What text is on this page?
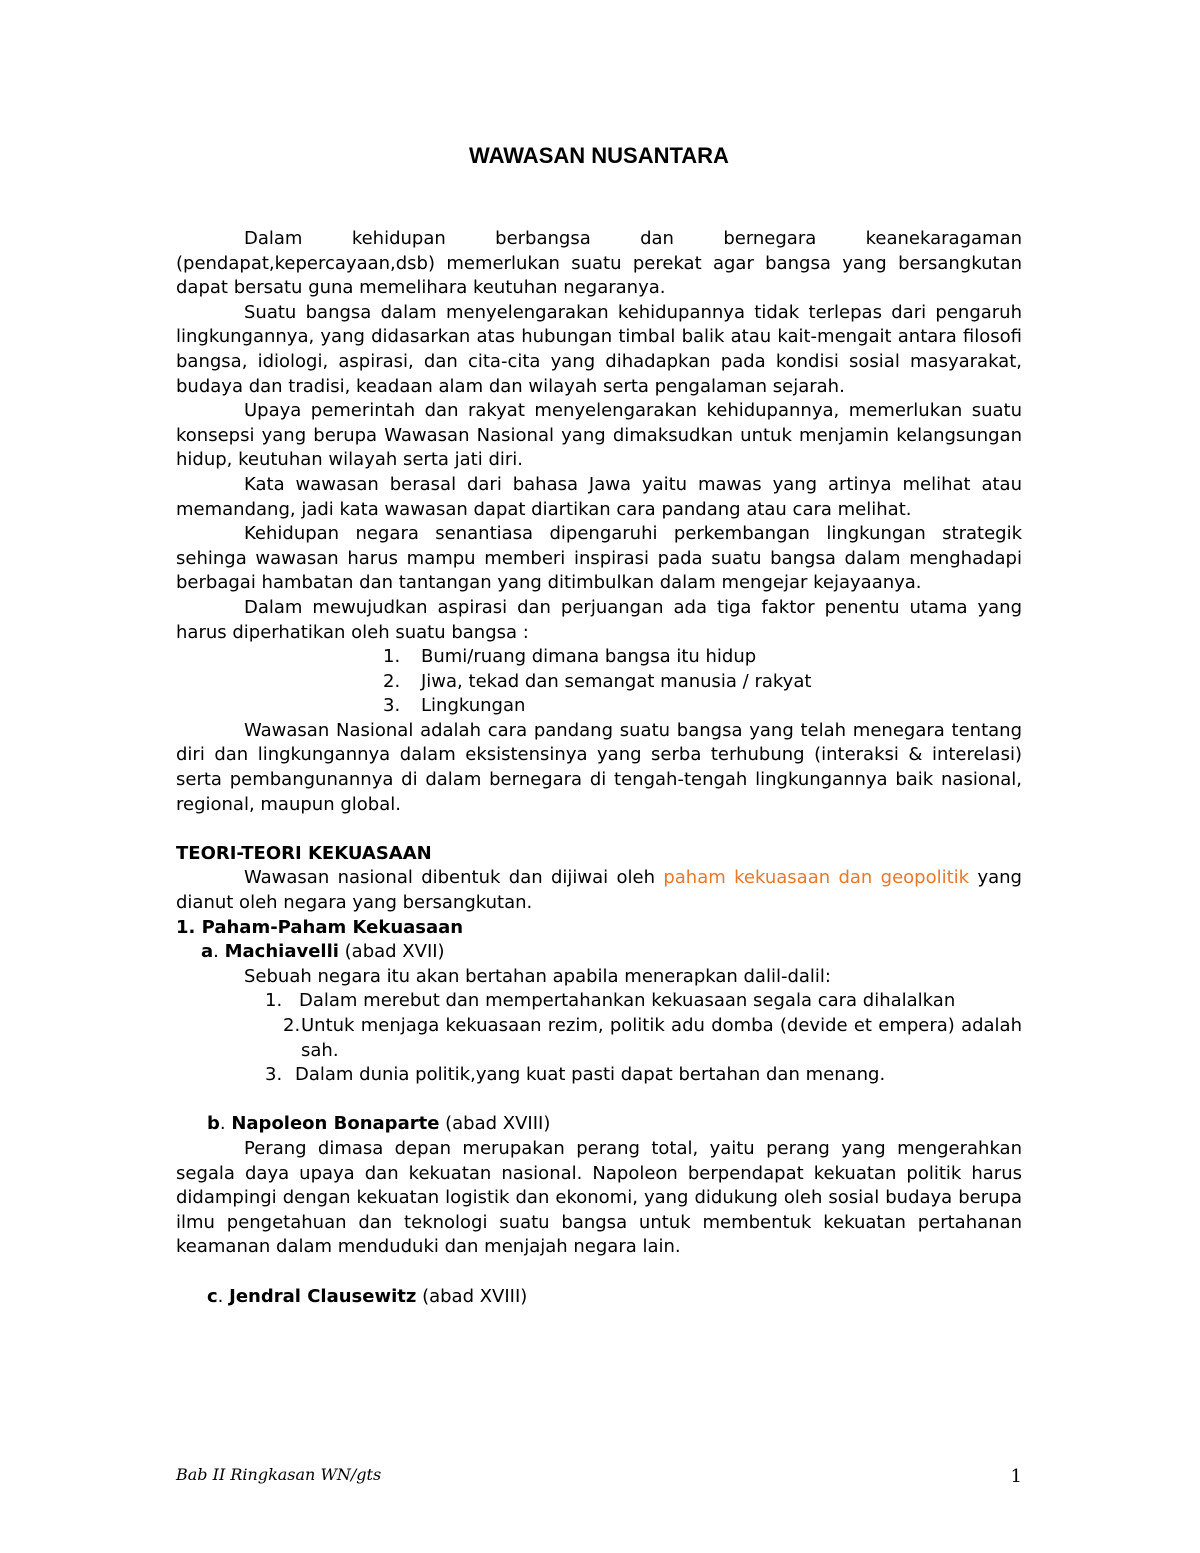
WAWASAN NUSANTARA

Dalam kehidupan berbangsa dan bernegara keanekaragaman (pendapat,kepercayaan,dsb) memerlukan suatu perekat agar bangsa yang bersangkutan dapat bersatu guna memelihara keutuhan negaranya.

Suatu bangsa dalam menyelengarakan kehidupannya tidak terlepas dari pengaruh lingkungannya, yang didasarkan atas hubungan timbal balik atau kait-mengait antara filosofi bangsa, idiologi, aspirasi, dan cita-cita yang dihadapkan pada kondisi sosial masyarakat, budaya dan tradisi, keadaan alam dan wilayah serta pengalaman sejarah.

Upaya pemerintah dan rakyat menyelengarakan kehidupannya, memerlukan suatu konsepsi yang berupa Wawasan Nasional yang dimaksudkan untuk menjamin kelangsungan hidup, keutuhan wilayah serta jati diri.

Kata wawasan berasal dari bahasa Jawa yaitu mawas yang artinya melihat atau memandang, jadi kata wawasan dapat diartikan cara pandang atau cara melihat.

Kehidupan negara senantiasa dipengaruhi perkembangan lingkungan strategik sehinga wawasan harus mampu memberi inspirasi pada suatu bangsa dalam menghadapi berbagai hambatan dan tantangan yang ditimbulkan dalam mengejar kejayaanya.

Dalam mewujudkan aspirasi dan perjuangan ada tiga faktor penentu utama yang harus diperhatikan oleh suatu bangsa :

1.	Bumi/ruang dimana bangsa itu hidup
2.	Jiwa, tekad dan semangat manusia / rakyat
3.	Lingkungan

Wawasan Nasional adalah cara pandang suatu bangsa yang telah menegara tentang diri dan lingkungannya dalam eksistensinya yang serba terhubung (interaksi & interelasi) serta pembangunannya di dalam bernegara di tengah-tengah lingkungannya baik nasional, regional, maupun global.

TEORI-TEORI KEKUASAAN

Wawasan nasional dibentuk dan dijiwai oleh paham kekuasaan dan geopolitik yang dianut oleh negara yang bersangkutan.

1. Paham-Paham Kekuasaan

a. Machiavelli (abad XVII)

Sebuah negara itu akan bertahan apabila menerapkan dalil-dalil:

1. Dalam merebut dan mempertahankan kekuasaan segala cara dihalalkan
2. Untuk menjaga kekuasaan rezim, politik adu domba (devide et empera) adalah sah.
3. Dalam dunia politik,yang kuat pasti dapat bertahan dan menang.

b. Napoleon Bonaparte (abad XVIII)

Perang dimasa depan merupakan perang total, yaitu perang yang mengerahkan segala daya upaya dan kekuatan nasional. Napoleon berpendapat kekuatan politik harus didampingi dengan kekuatan logistik dan ekonomi, yang didukung oleh sosial budaya berupa ilmu pengetahuan dan teknologi suatu bangsa untuk membentuk kekuatan pertahanan keamanan dalam menduduki dan menjajah negara lain.

c. Jendral Clausewitz (abad XVIII)

Bab II Ringkasan WN/gts	1
